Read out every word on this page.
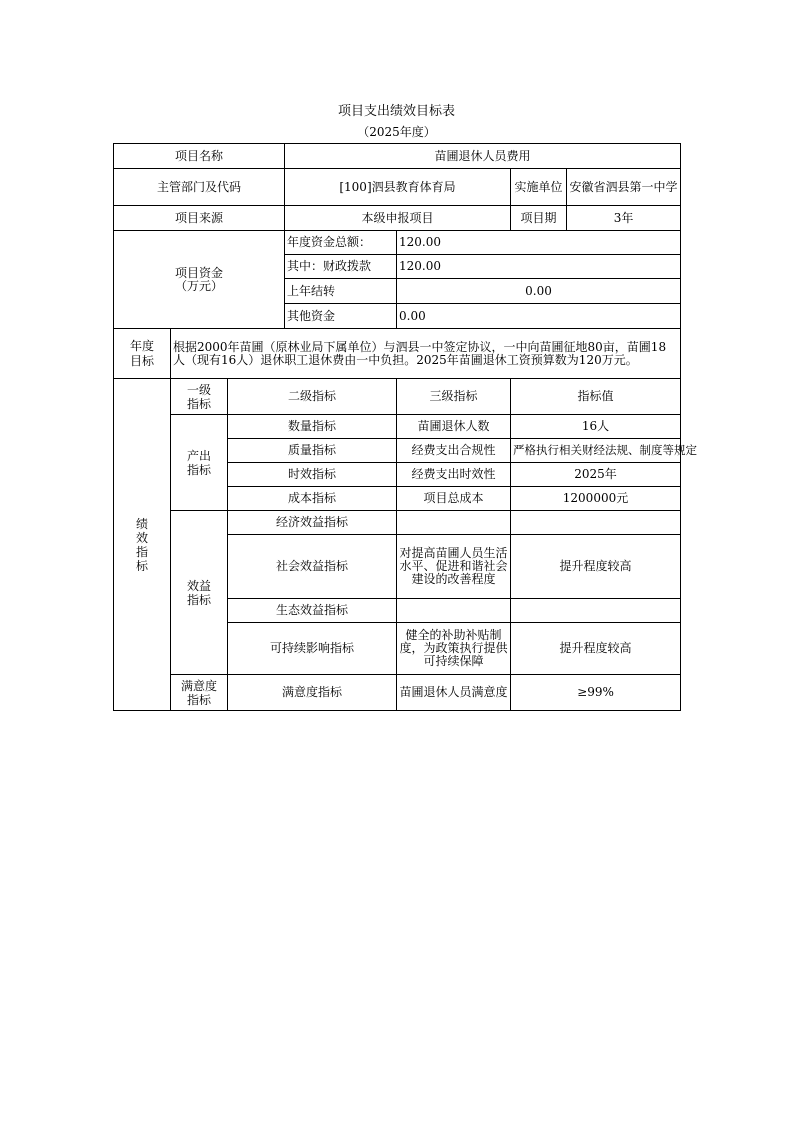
项目支出绩效目标表
（2025年度）
项目名称			苗圃退休人员费用			
主管部门及代码			[100]泗县教育体育局		实施单位	安徽省泗县第一中学
项目来源			本级申报项目		项目期	3年

项目资金
（万元）			年度资金总额：	120.00		
			其中：财政拨款	120.00		
			上年结转	0.00		
			其他资金	0.00		

年度目标	根据2000年苗圃（原林业局下属单位）与泗县一中签定协议，一中向苗圃征地80亩，苗圃18人（现有16人）退休职工退休费由一中负担。2025年苗圃退休工资预算数为120万元。					

绩效指标	一级指标	二级指标		三级指标	指标值	

	产出指标	数量指标		苗圃退休人数	16人	
		质量指标		经费支出合规性	严格执行相关财经法规、制度等规定	
		时效指标		经费支出时效性	2025年	
		成本指标		项目总成本	1200000元	

	效益指标	经济效益指标				
		社会效益指标		对提高苗圃人员生活水平、促进和谐社会建设的改善程度	提升程度较高	
		生态效益指标				
		可持续影响指标		健全的补助补贴制度，为政策执行提供可持续保障	提升程度较高	

	满意度指标	满意度指标		苗圃退休人员满意度	≥99%	
